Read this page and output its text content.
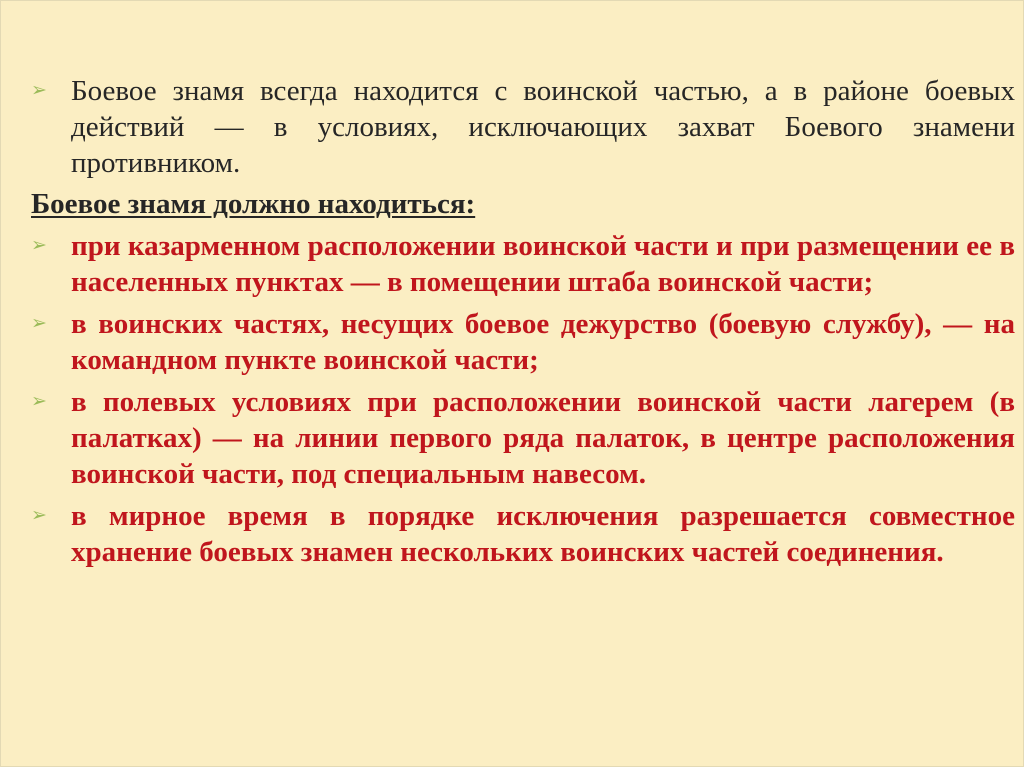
➢ Боевое знамя всегда находится с воинской частью, а в районе боевых действий — в условиях, исключающих захват Боевого знамени противником.
Боевое знамя должно находиться:
➢ при казарменном расположении воинской части и при размещении ее в населенных пунктах — в помещении штаба воинской части;
➢ в воинских частях, несущих боевое дежурство (боевую службу), — на командном пункте воинской части;
➢ в полевых условиях при расположении воинской части лагерем (в палатках) — на линии первого ряда палаток, в центре расположения воинской части, под специальным навесом.
➢ в мирное время в порядке исключения разрешается совместное хранение боевых знамен нескольких воинских частей соединения.
